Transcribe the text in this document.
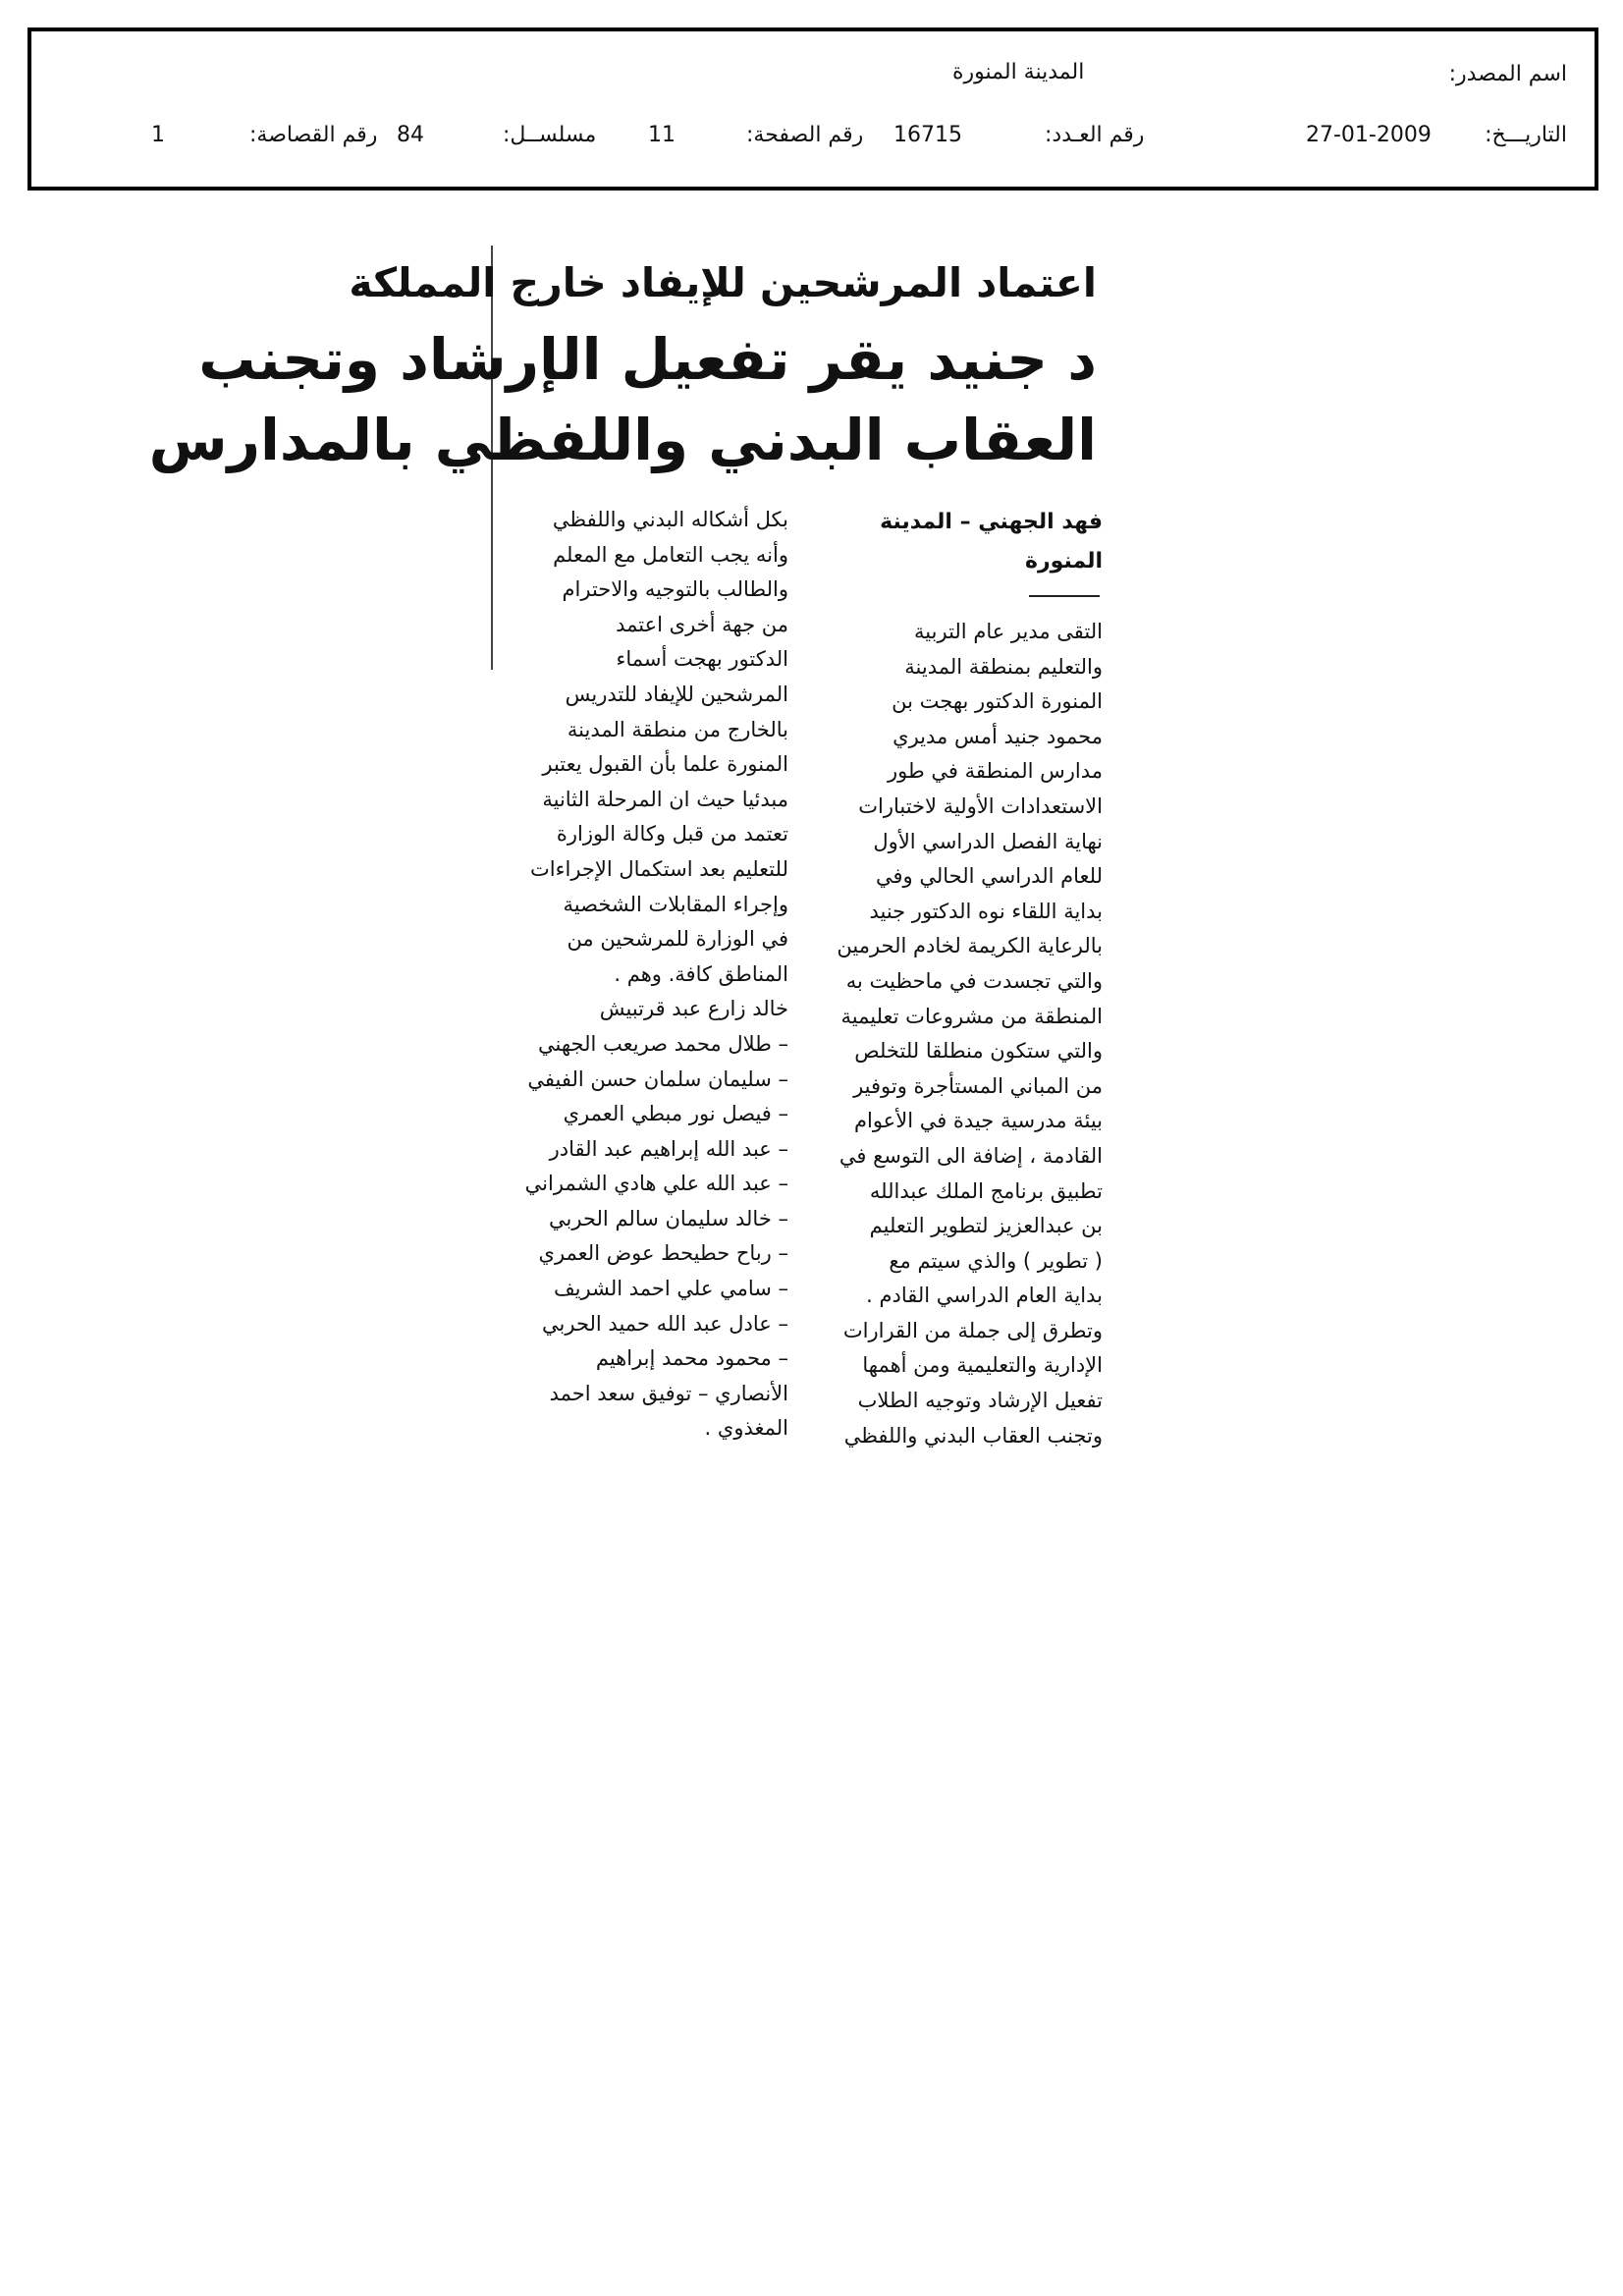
اسم المصدر:
المدينة المنورة
التاريـــخ:
27-01-2009
رقم العـدد:
16715
رقم الصفحة:
11
مسلســل:
84
رقم القصاصة:
1
اعتماد المرشحين للإيفاد خارج المملكة
د جنيد يقر تفعيل الإرشاد وتجنب
العقاب البدني واللفظي بالمدارس
فهد الجهني – المدينة
المنورة
التقى مدير عام التربية
والتعليم بمنطقة المدينة
المنورة الدكتور بهجت بن
محمود جنيد أمس مديري
مدارس المنطقة في طور
الاستعدادات الأولية لاختبارات
نهاية الفصل الدراسي الأول
للعام الدراسي الحالي وفي
بداية اللقاء نوه الدكتور جنيد
بالرعاية الكريمة لخادم الحرمين
والتي تجسدت في ماحظيت به
المنطقة من مشروعات تعليمية
والتي ستكون منطلقا للتخلص
من المباني المستأجرة وتوفير
بيئة مدرسية جيدة في الأعوام
القادمة ، إضافة الى التوسع في
تطبيق برنامج الملك عبدالله
بن عبدالعزيز لتطوير التعليم
( تطوير ) والذي سيتم مع
بداية العام الدراسي القادم .
وتطرق إلى جملة من القرارات
الإدارية والتعليمية ومن أهمها
تفعيل الإرشاد وتوجيه الطلاب
وتجنب العقاب البدني واللفظي
بكل أشكاله البدني واللفظي
وأنه يجب التعامل مع المعلم
والطالب بالتوجيه والاحترام
من جهة أخرى اعتمد
الدكتور بهجت أسماء
المرشحين للإيفاد للتدريس
بالخارج من منطقة المدينة
المنورة علما بأن القبول يعتبر
مبدئيا حيث ان المرحلة الثانية
تعتمد من قبل وكالة الوزارة
للتعليم بعد استكمال الإجراءات
وإجراء المقابلات الشخصية
في الوزارة للمرشحين من
المناطق كافة. وهم .
خالد زارع عبد قرتبيش
– طلال محمد صريعب الجهني
– سليمان سلمان حسن الفيفي
– فيصل نور مبطي العمري
– عبد الله إبراهيم عبد القادر
– عبد الله علي هادي الشمراني
– خالد سليمان سالم الحربي
– رباح حطيحط عوض العمري
– سامي علي احمد الشريف
– عادل عبد الله حميد الحربي
– محمود محمد إبراهيم
الأنصاري – توفيق سعد احمد
المغذوي .
